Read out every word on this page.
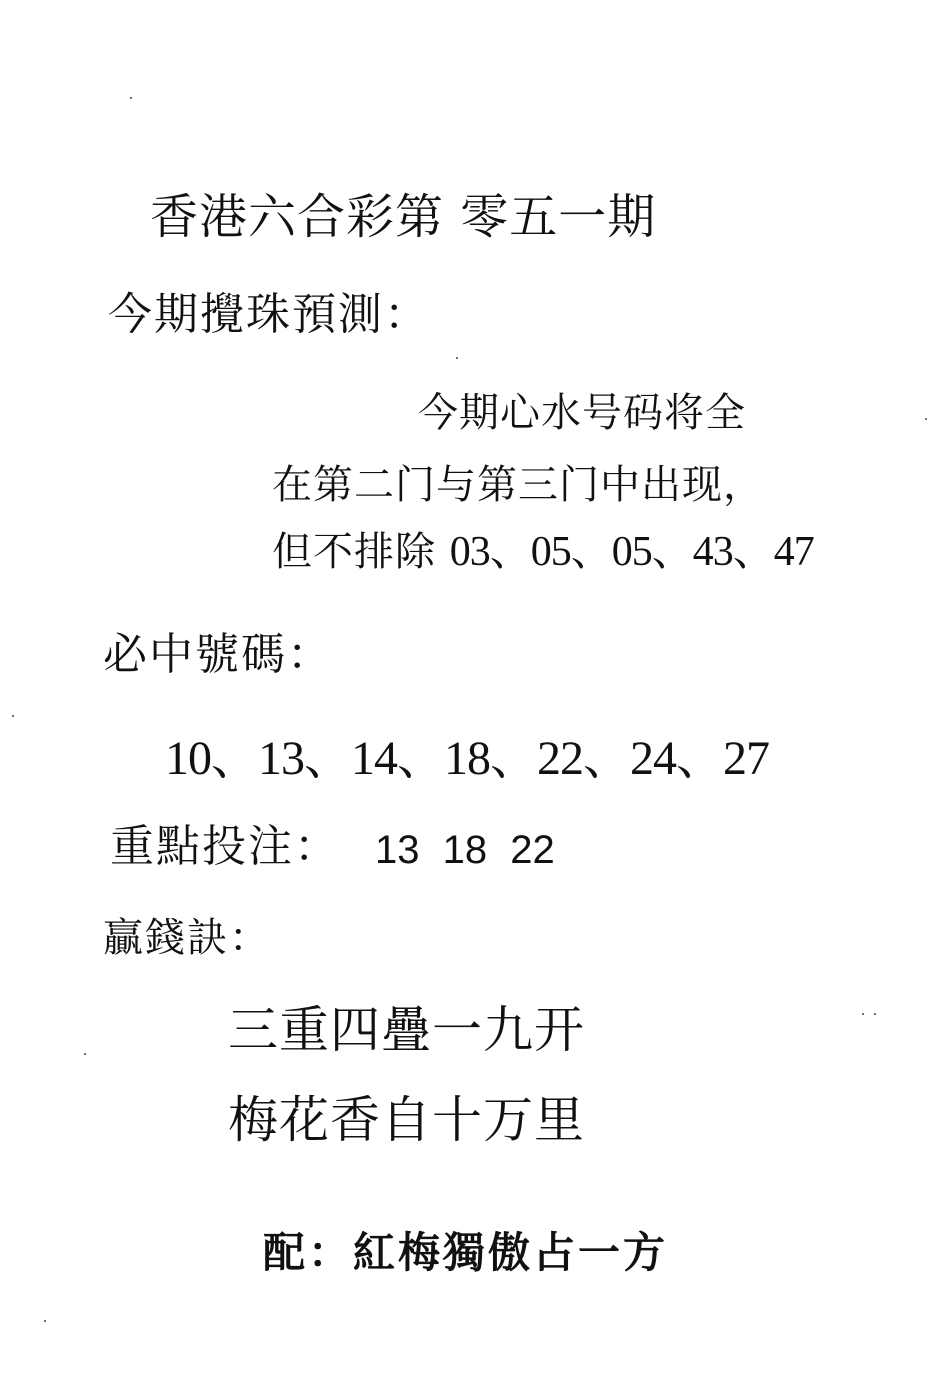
香港六合彩第 零五一期
今期攪珠預測：
今期心水号码将全
在第二门与第三门中出现，
但不排除 03、05、05、43、47
必中號碼：
10、13、14、18、22、24、27
重點投注： 13 18 22
贏錢訣：
三重四疊一九开
梅花香自十万里
配：紅梅獨傲占一方
